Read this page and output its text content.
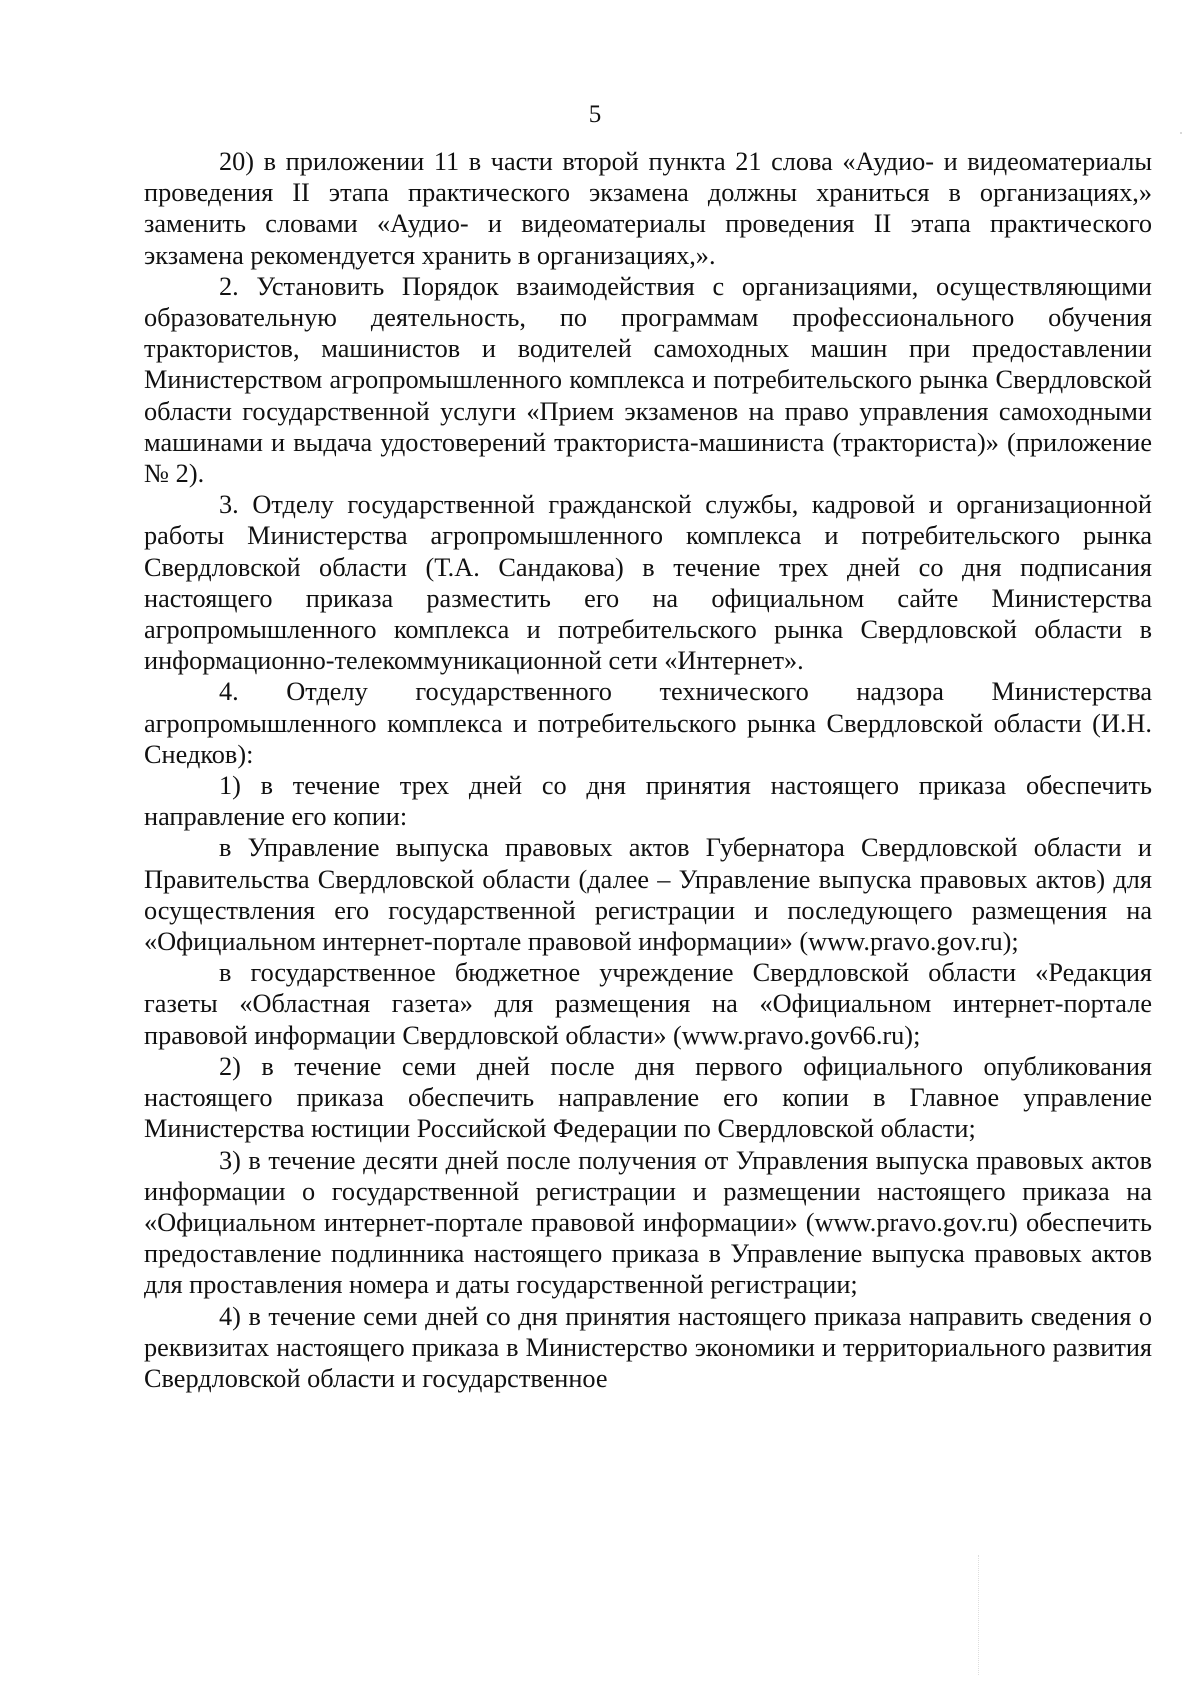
5

20) в приложении 11 в части второй пункта 21 слова «Аудио- и видеоматериалы проведения II этапа практического экзамена должны храниться в организациях,» заменить словами «Аудио- и видеоматериалы проведения II этапа практического экзамена рекомендуется хранить в организациях,».

2. Установить Порядок взаимодействия с организациями, осуществляющими образовательную деятельность, по программам профессионального обучения трактористов, машинистов и водителей самоходных машин при предоставлении Министерством агропромышленного комплекса и потребительского рынка Свердловской области государственной услуги «Прием экзаменов на право управления самоходными машинами и выдача удостоверений тракториста-машиниста (тракториста)» (приложение № 2).

3. Отделу государственной гражданской службы, кадровой и организационной работы Министерства агропромышленного комплекса и потребительского рынка Свердловской области (Т.А. Сандакова) в течение трех дней со дня подписания настоящего приказа разместить его на официальном сайте Министерства агропромышленного комплекса и потребительского рынка Свердловской области в информационно-телекоммуникационной сети «Интернет».

4. Отделу государственного технического надзора Министерства агропромышленного комплекса и потребительского рынка Свердловской области (И.Н. Снедков):

1) в течение трех дней со дня принятия настоящего приказа обеспечить направление его копии:

в Управление выпуска правовых актов Губернатора Свердловской области и Правительства Свердловской области (далее – Управление выпуска правовых актов) для осуществления его государственной регистрации и последующего размещения на «Официальном интернет-портале правовой информации» (www.pravo.gov.ru);

в государственное бюджетное учреждение Свердловской области «Редакция газеты «Областная газета» для размещения на «Официальном интернет-портале правовой информации Свердловской области» (www.pravo.gov66.ru);

2) в течение семи дней после дня первого официального опубликования настоящего приказа обеспечить направление его копии в Главное управление Министерства юстиции Российской Федерации по Свердловской области;

3) в течение десяти дней после получения от Управления выпуска правовых актов информации о государственной регистрации и размещении настоящего приказа на «Официальном интернет-портале правовой информации» (www.pravo.gov.ru) обеспечить предоставление подлинника настоящего приказа в Управление выпуска правовых актов для проставления номера и даты государственной регистрации;

4) в течение семи дней со дня принятия настоящего приказа направить сведения о реквизитах настоящего приказа в Министерство экономики и территориального развития Свердловской области и государственное
